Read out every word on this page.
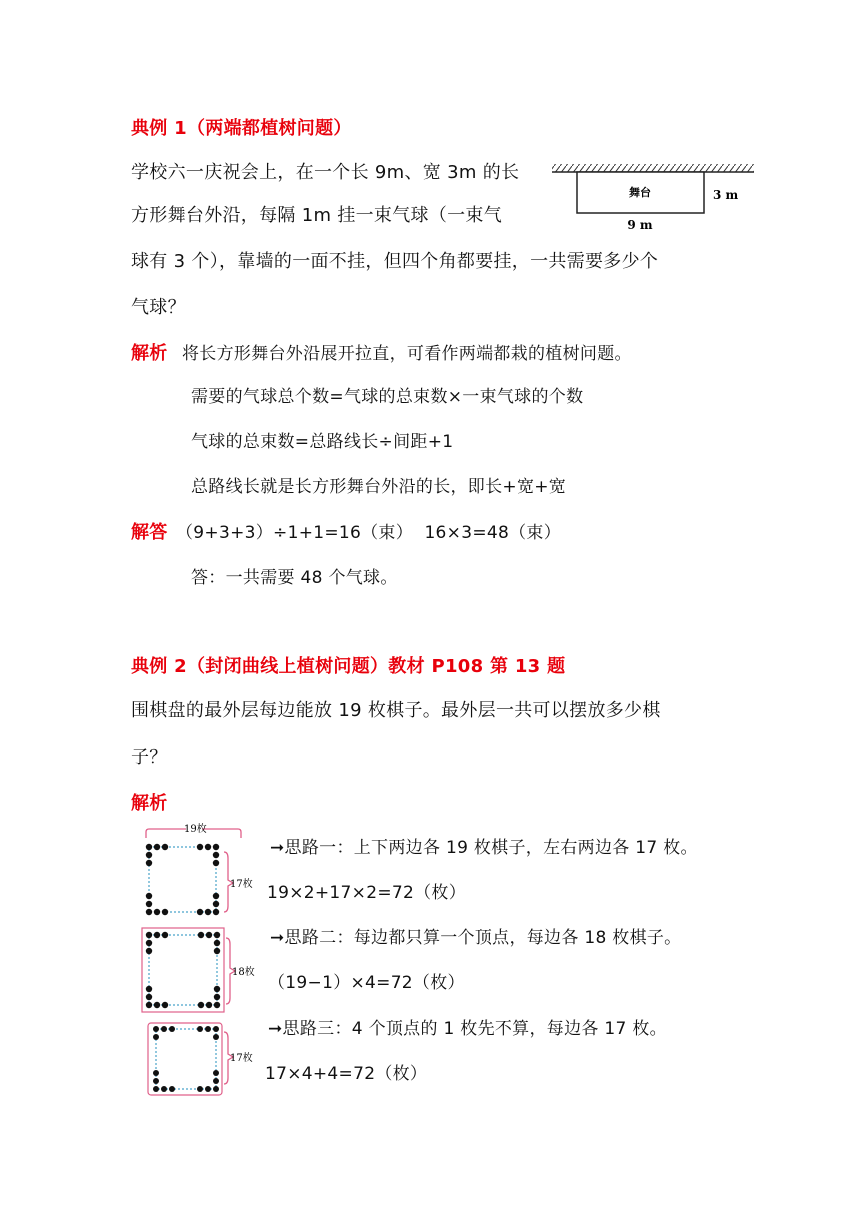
典例 1（两端都植树问题）
学校六一庆祝会上，在一个长 9m、宽 3m 的长
方形舞台外沿，每隔 1m 挂一束气球（一束气
球有 3 个），靠墙的一面不挂，但四个角都要挂，一共需要多少个
气球？
舞台	3 m
9 m
解析 将长方形舞台外沿展开拉直，可看作两端都栽的植树问题。
需要的气球总个数=气球的总束数×一束气球的个数
气球的总束数=总路线长÷间距+1
总路线长就是长方形舞台外沿的长，即长+宽+宽
解答 （9+3+3）÷1+1=16（束）  16×3=48（束）
答：一共需要 48 个气球。
典例 2（封闭曲线上植树问题）教材 P108 第 13 题
围棋盘的最外层每边能放 19 枚棋子。最外层一共可以摆放多少棋
子？
解析
19枚
17枚
18枚
17枚
➞思路一：上下两边各 19 枚棋子，左右两边各 17 枚。
19×2+17×2=72（枚）
➞思路二：每边都只算一个顶点，每边各 18 枚棋子。
（19−1）×4=72（枚）
➞思路三：4 个顶点的 1 枚先不算，每边各 17 枚。
17×4+4=72（枚）
